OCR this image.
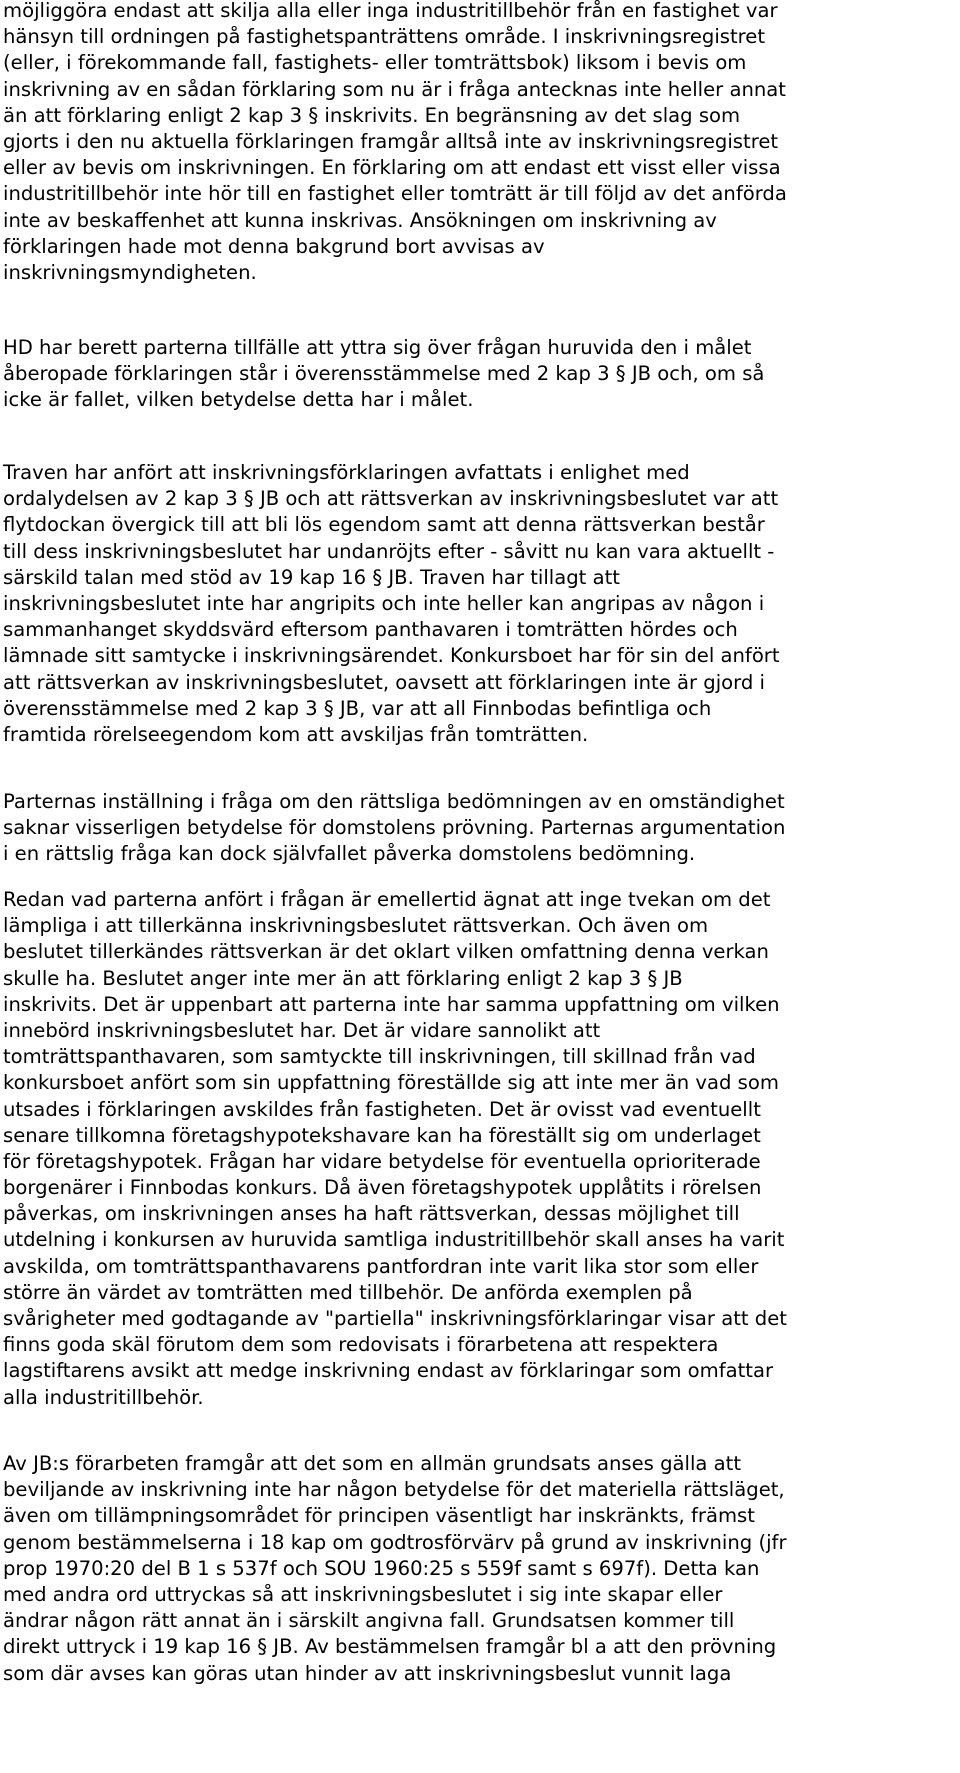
möjliggöra endast att skilja alla eller inga industritillbehör från en fastighet var
hänsyn till ordningen på fastighetspanträttens område. I inskrivningsregistret
(eller, i förekommande fall, fastighets- eller tomträttsbok) liksom i bevis om
inskrivning av en sådan förklaring som nu är i fråga antecknas inte heller annat
än att förklaring enligt 2 kap 3 § inskrivits. En begränsning av det slag som
gjorts i den nu aktuella förklaringen framgår alltså inte av inskrivningsregistret
eller av bevis om inskrivningen. En förklaring om att endast ett visst eller vissa
industritillbehör inte hör till en fastighet eller tomträtt är till följd av det anförda
inte av beskaffenhet att kunna inskrivas. Ansökningen om inskrivning av
förklaringen hade mot denna bakgrund bort avvisas av
inskrivningsmyndigheten.
HD har berett parterna tillfälle att yttra sig över frågan huruvida den i målet
åberopade förklaringen står i överensstämmelse med 2 kap 3 § JB och, om så
icke är fallet, vilken betydelse detta har i målet.
Traven har anfört att inskrivningsförklaringen avfattats i enlighet med
ordalydelsen av 2 kap 3 § JB och att rättsverkan av inskrivningsbeslutet var att
flytdockan övergick till att bli lös egendom samt att denna rättsverkan består
till dess inskrivningsbeslutet har undanröjts efter - såvitt nu kan vara aktuellt -
särskild talan med stöd av 19 kap 16 § JB. Traven har tillagt att
inskrivningsbeslutet inte har angripits och inte heller kan angripas av någon i
sammanhanget skyddsvärd eftersom panthavaren i tomträtten hördes och
lämnade sitt samtycke i inskrivningsärendet. Konkursboet har för sin del anfört
att rättsverkan av inskrivningsbeslutet, oavsett att förklaringen inte är gjord i
överensstämmelse med 2 kap 3 § JB, var att all Finnbodas befintliga och
framtida rörelseegendom kom att avskiljas från tomträtten.
Parternas inställning i fråga om den rättsliga bedömningen av en omständighet
saknar visserligen betydelse för domstolens prövning. Parternas argumentation
i en rättslig fråga kan dock självfallet påverka domstolens bedömning.
Redan vad parterna anfört i frågan är emellertid ägnat att inge tvekan om det
lämpliga i att tillerkänna inskrivningsbeslutet rättsverkan. Och även om
beslutet tillerkändes rättsverkan är det oklart vilken omfattning denna verkan
skulle ha. Beslutet anger inte mer än att förklaring enligt 2 kap 3 § JB
inskrivits. Det är uppenbart att parterna inte har samma uppfattning om vilken
innebörd inskrivningsbeslutet har. Det är vidare sannolikt att
tomträttspanthavaren, som samtyckte till inskrivningen, till skillnad från vad
konkursboet anfört som sin uppfattning föreställde sig att inte mer än vad som
utsades i förklaringen avskildes från fastigheten. Det är ovisst vad eventuellt
senare tillkomna företagshypotekshavare kan ha föreställt sig om underlaget
för företagshypotek. Frågan har vidare betydelse för eventuella oprioriterade
borgenärer i Finnbodas konkurs. Då även företagshypotek upplåtits i rörelsen
påverkas, om inskrivningen anses ha haft rättsverkan, dessas möjlighet till
utdelning i konkursen av huruvida samtliga industritillbehör skall anses ha varit
avskilda, om tomträttspanthavarens pantfordran inte varit lika stor som eller
större än värdet av tomträtten med tillbehör. De anförda exemplen på
svårigheter med godtagande av "partiella" inskrivningsförklaringar visar att det
finns goda skäl förutom dem som redovisats i förarbetena att respektera
lagstiftarens avsikt att medge inskrivning endast av förklaringar som omfattar
alla industritillbehör.
Av JB:s förarbeten framgår att det som en allmän grundsats anses gälla att
beviljande av inskrivning inte har någon betydelse för det materiella rättsläget,
även om tillämpningsområdet för principen väsentligt har inskränkts, främst
genom bestämmelserna i 18 kap om godtrosförvärv på grund av inskrivning (jfr
prop 1970:20 del B 1 s 537f och SOU 1960:25 s 559f samt s 697f). Detta kan
med andra ord uttryckas så att inskrivningsbeslutet i sig inte skapar eller
ändrar någon rätt annat än i särskilt angivna fall. Grundsatsen kommer till
direkt uttryck i 19 kap 16 § JB. Av bestämmelsen framgår bl a att den prövning
som där avses kan göras utan hinder av att inskrivningsbeslut vunnit laga
